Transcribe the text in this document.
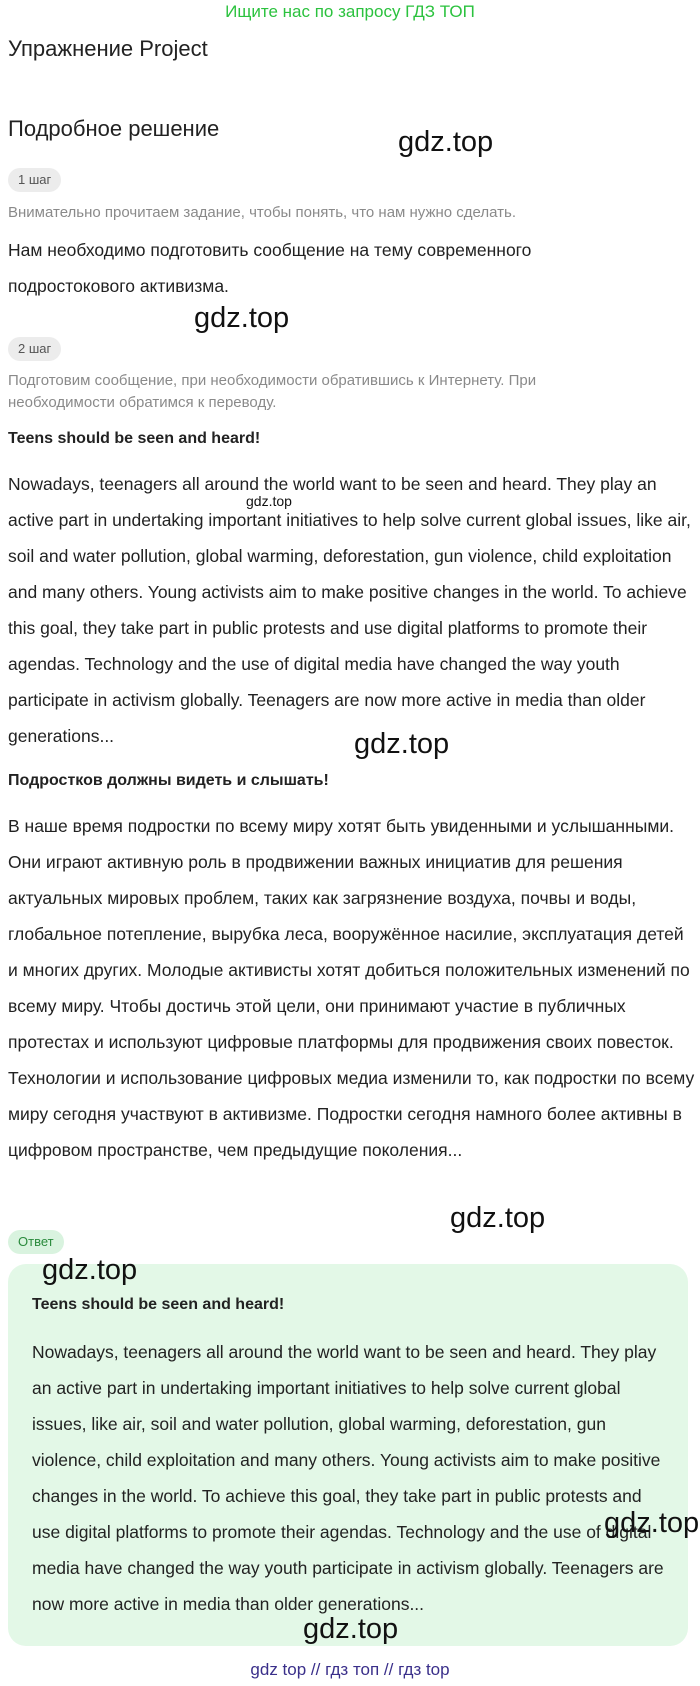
Ищите нас по запросу ГДЗ ТОП
Упражнение Project
Подробное решение	gdz.top
gdz.top
gdz.top
gdz.top
gdz.top
gdz.top
gdz.top
gdz.top
1 шаг
Внимательно прочитаем задание, чтобы понять, что нам нужно сделать.
Нам необходимо подготовить сообщение на тему современного подростокового активизма.
2 шаг
Подготовим сообщение, при необходимости обратившись к Интернету. При необходимости обратимся к переводу.
Teens should be seen and heard!
Nowadays, teenagers all around the world want to be seen and heard. They play an active part in undertaking important initiatives to help solve current global issues, like air, soil and water pollution, global warming, deforestation, gun violence, child exploitation and many others. Young activists aim to make positive changes in the world. To achieve this goal, they take part in public protests and use digital platforms to promote their agendas. Technology and the use of digital media have changed the way youth participate in activism globally. Teenagers are now more active in media than older generations...
Подростков должны видеть и слышать!
В наше время подростки по всему миру хотят быть увиденными и услышанными. Они играют активную роль в продвижении важных инициатив для решения актуальных мировых проблем, таких как загрязнение воздуха, почвы и воды, глобальное потепление, вырубка леса, вооружённое насилие, эксплуатация детей и многих других. Молодые активисты хотят добиться положительных изменений по всему миру. Чтобы достичь этой цели, они принимают участие в публичных протестах и используют цифровые платформы для продвижения своих повесток. Технологии и использование цифровых медиа изменили то, как подростки по всему миру сегодня участвуют в активизме. Подростки сегодня намного более активны в цифровом пространстве, чем предыдущие поколения...
Ответ
Teens should be seen and heard!
Nowadays, teenagers all around the world want to be seen and heard. They play an active part in undertaking important initiatives to help solve current global issues, like air, soil and water pollution, global warming, deforestation, gun violence, child exploitation and many others. Young activists aim to make positive changes in the world. To achieve this goal, they take part in public protests and use digital platforms to promote their agendas. Technology and the use of digital media have changed the way youth participate in activism globally. Teenagers are now more active in media than older generations...
gdz top // гдз топ // гдз top
